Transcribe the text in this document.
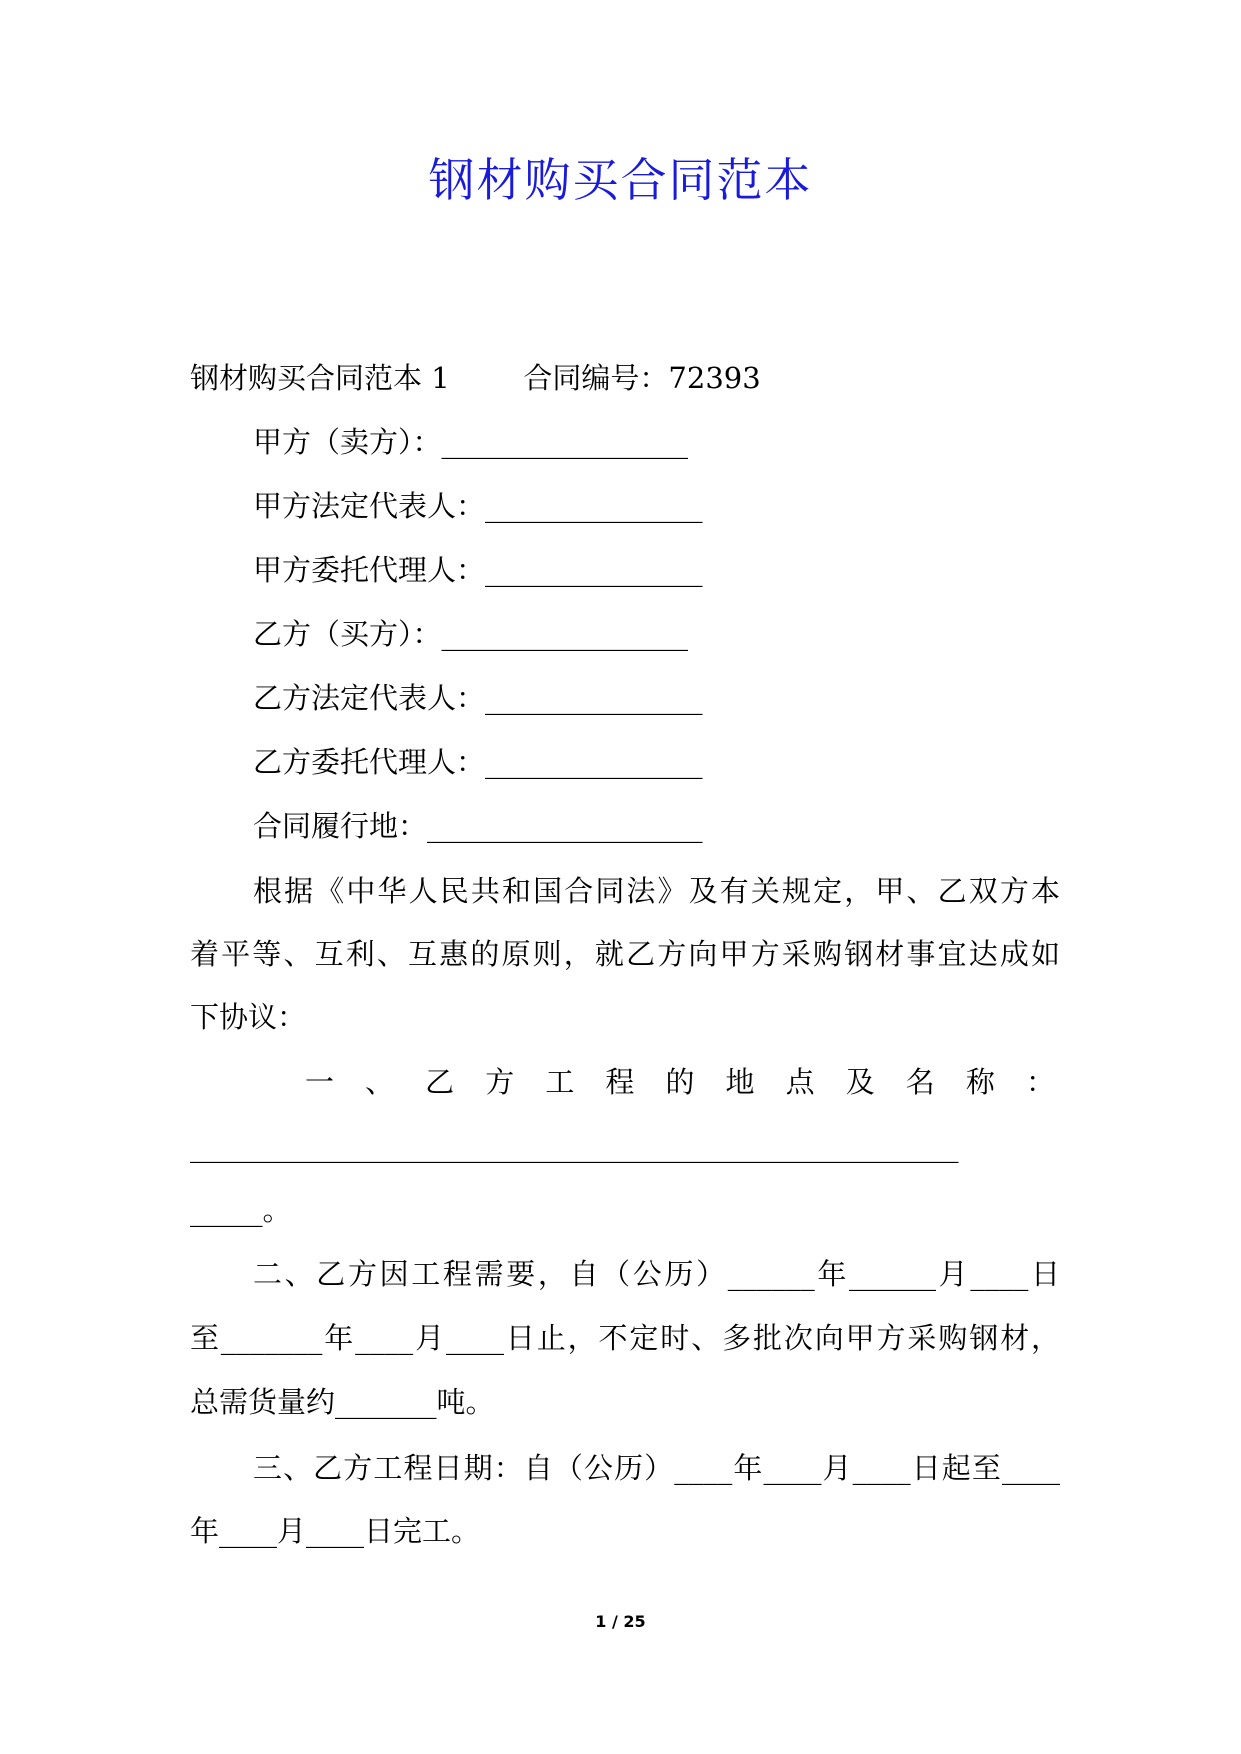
钢材购买合同范本
钢材购买合同范本 1        合同编号：72393
甲方（卖方）：_________________
甲方法定代表人：_______________
甲方委托代理人：_______________
乙方（买方）：_________________
乙方法定代表人：_______________
乙方委托代理人：_______________
合同履行地：___________________
根据《中华人民共和国合同法》及有关规定，甲、乙双方本
着平等、互利、互惠的原则，就乙方向甲方采购钢材事宜达成如
下协议：
一 、 乙 方 工 程 的 地 点 及 名 称 ：
_____________________________________________________
_____。
二、乙方因工程需要，自（公历）______年______月____日
至_______年____月____日止，不定时、多批次向甲方采购钢材，
总需货量约_______吨。
三、乙方工程日期：自（公历）____年____月____日起至____
年____月____日完工。
1 / 25
